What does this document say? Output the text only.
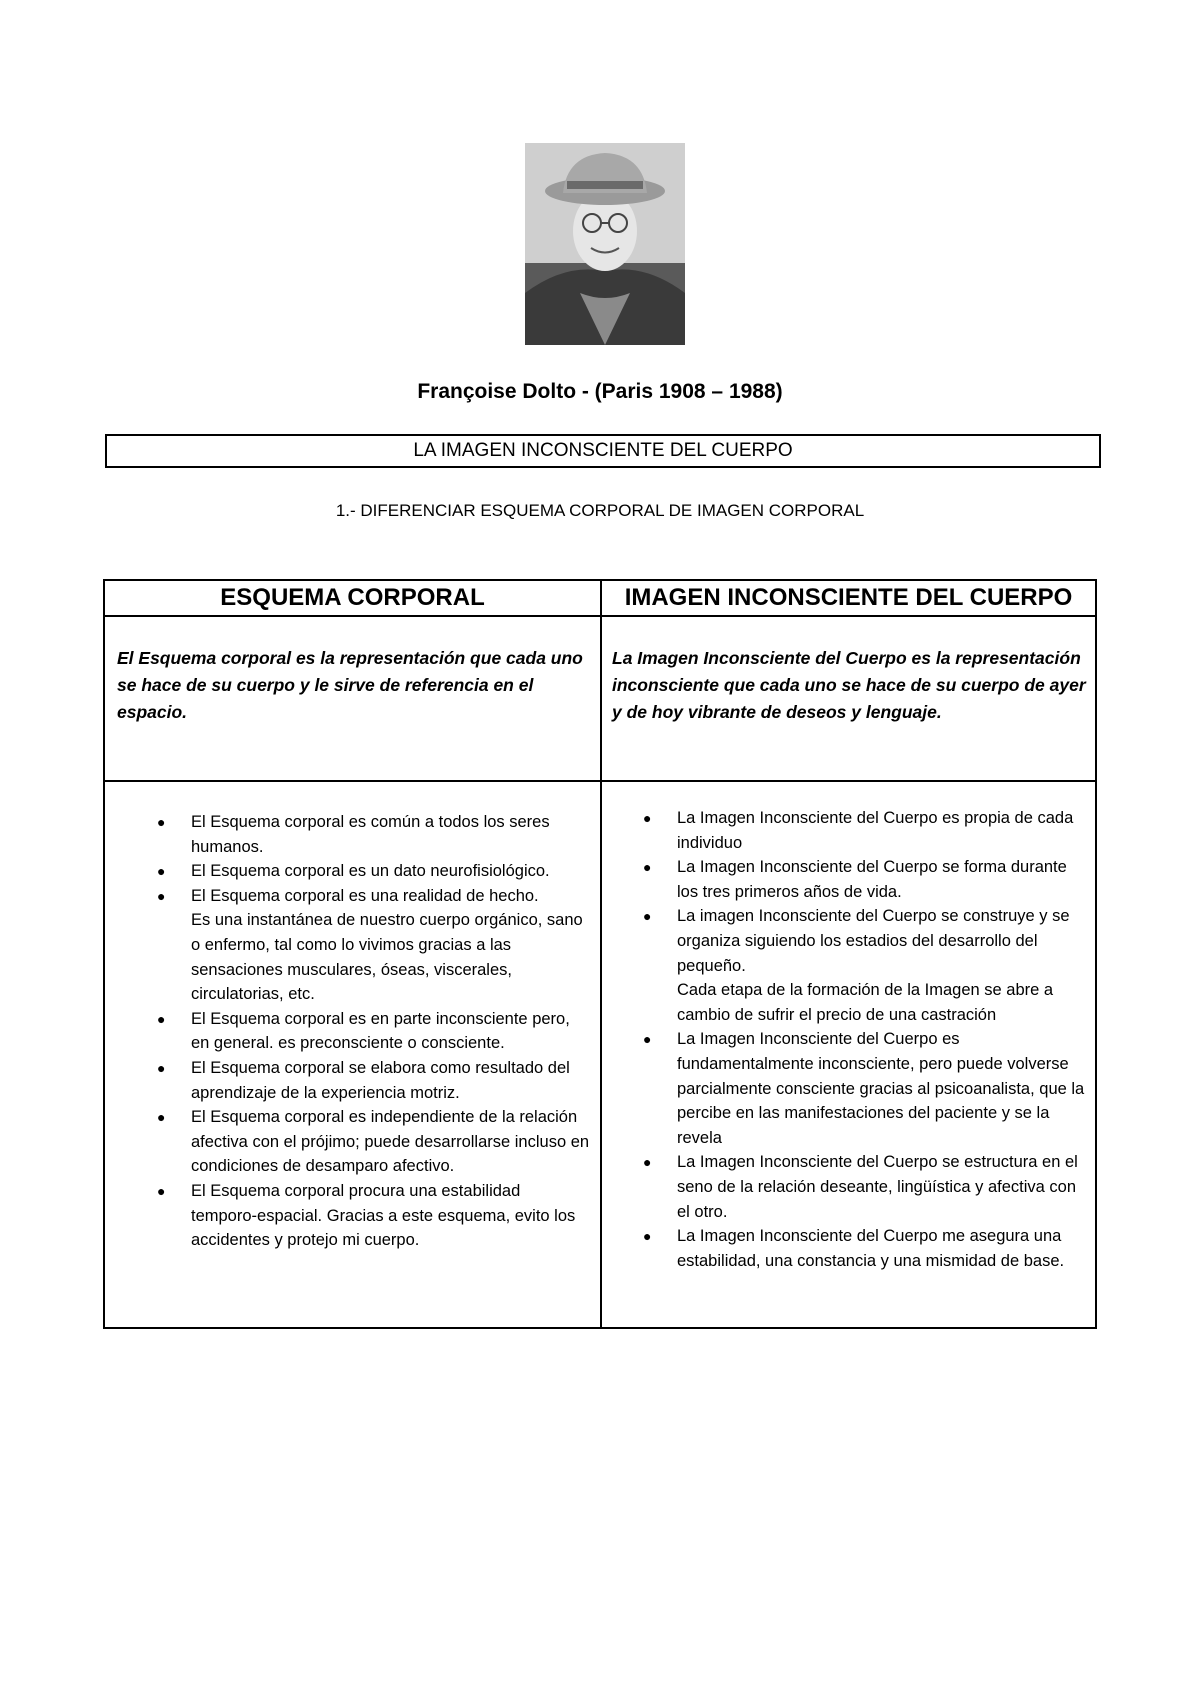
Françoise Dolto - (Paris 1908 – 1988)
LA IMAGEN INCONSCIENTE DEL CUERPO
1.- DIFERENCIAR ESQUEMA CORPORAL DE IMAGEN CORPORAL
ESQUEMA CORPORAL	IMAGEN INCONSCIENTE DEL CUERPO

El Esquema corporal es la representación que cada uno se hace de su cuerpo y le sirve de referencia en el espacio.

La Imagen Inconsciente del Cuerpo es la representación inconsciente que cada uno se hace de su cuerpo de ayer y de hoy vibrante de deseos y lenguaje.

● El Esquema corporal es común a todos los seres humanos.
● El Esquema corporal es un dato neurofisiológico.
● El Esquema corporal es una realidad de hecho.
Es una instantánea de nuestro cuerpo orgánico, sano o enfermo, tal como lo vivimos gracias a las sensaciones musculares, óseas, viscerales, circulatorias, etc.
● El Esquema corporal es en parte inconsciente pero, en general. es preconsciente o consciente.
● El Esquema corporal se elabora como resultado del aprendizaje de la experiencia motriz.
● El Esquema corporal es independiente de la relación afectiva con el prójimo; puede desarrollarse incluso en condiciones de desamparo afectivo.
● El Esquema corporal procura una estabilidad temporo-espacial. Gracias a este esquema, evito los accidentes y protejo mi cuerpo.
● La Imagen Inconsciente del Cuerpo es propia de cada individuo
● La Imagen Inconsciente del Cuerpo se forma durante los tres primeros años de vida.
● La imagen Inconsciente del Cuerpo se construye y se organiza siguiendo los estadios del desarrollo del pequeño.
Cada etapa de la formación de la Imagen se abre a cambio de sufrir el precio de una castración
● La Imagen Inconsciente del Cuerpo es fundamentalmente inconsciente, pero puede volverse parcialmente consciente gracias al psicoanalista, que la percibe en las manifestaciones del paciente y se la revela
● La Imagen Inconsciente del Cuerpo se estructura en el seno de la relación deseante, lingüística y afectiva con el otro.
● La Imagen Inconsciente del Cuerpo me asegura una estabilidad, una constancia y una mismidad de base.
